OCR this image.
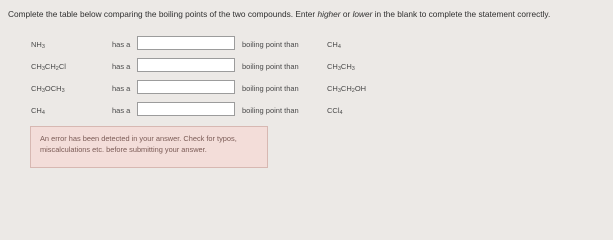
Complete the table below comparing the boiling points of the two compounds. Enter higher or lower in the blank to complete the statement correctly.
$NH_3$	has a	boiling point than	$CH_4$
$CH_3CH_2Cl$	has a	boiling point than	$CH_3CH_3$
$CH_3OCH_3$	has a	boiling point than	$CH_3CH_2OH$
$CH_4$	has a	boiling point than	CCl$_4$
An error has been detected in your answer. Check for typos, miscalculations etc. before submitting your answer.
